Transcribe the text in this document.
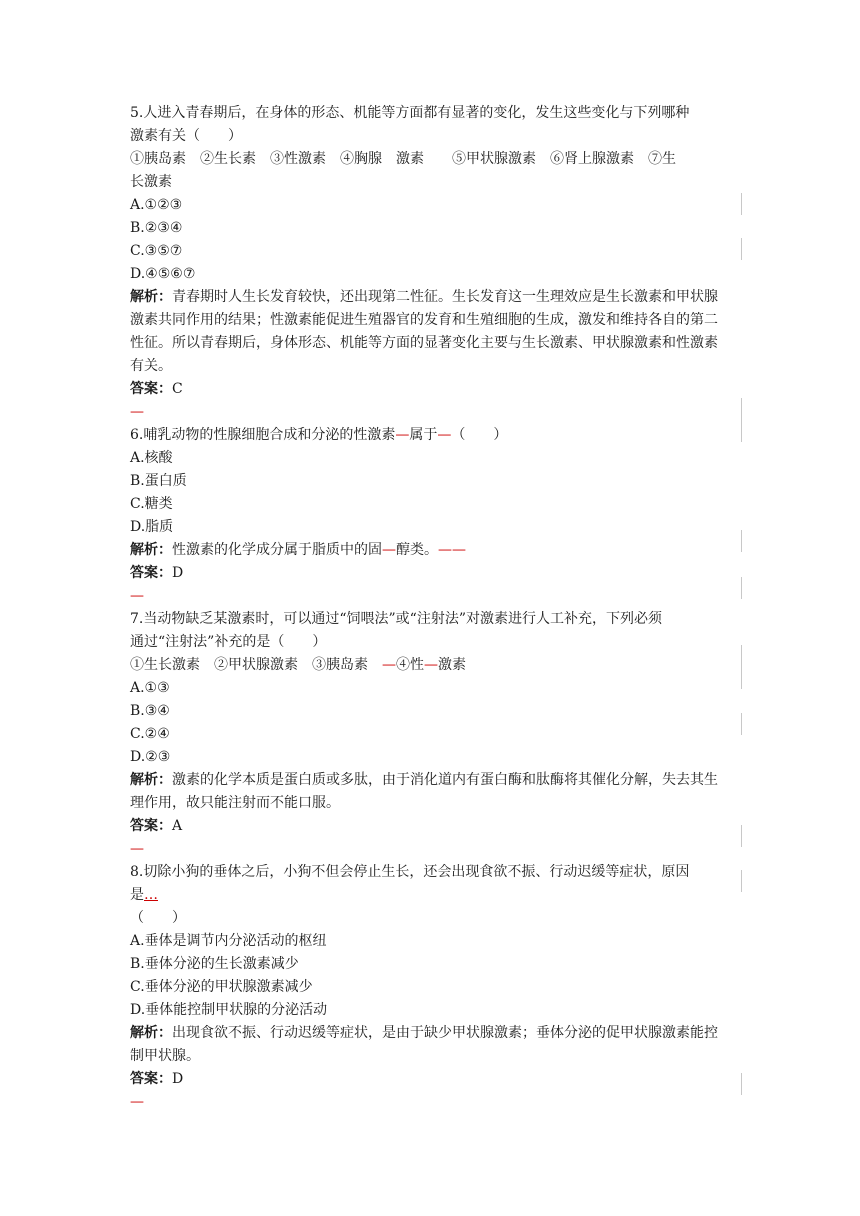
5.人进入青春期后，在身体的形态、机能等方面都有显著的变化，发生这些变化与下列哪种
激素有关（　　）
①胰岛素　②生长素　③性激素　④胸腺　激素　　⑤甲状腺激素　⑥肾上腺激素　⑦生
长激素
A.①②③
B.②③④
C.③⑤⑦
D.④⑤⑥⑦
解析：青春期时人生长发育较快，还出现第二性征。生长发育这一生理效应是生长激素和甲状腺激素共同作用的结果；性激素能促进生殖器官的发育和生殖细胞的生成，激发和维持各自的第二性征。所以青春期后，身体形态、机能等方面的显著变化主要与生长激素、甲状腺激素和性激素有关。
答案：C
—
6.哺乳动物的性腺细胞合成和分泌的性激素—属于—（　　）
A.核酸
B.蛋白质
C.糖类
D.脂质
解析：性激素的化学成分属于脂质中的固—醇类。——
答案：D
—
7.当动物缺乏某激素时，可以通过“饲喂法”或“注射法”对激素进行人工补充，下列必须
通过“注射法”补充的是（　　）
①生长激素　②甲状腺激素　③胰岛素　—④性—激素
A.①③
B.③④
C.②④
D.②③
解析：激素的化学本质是蛋白质或多肽，由于消化道内有蛋白酶和肽酶将其催化分解，失去其生理作用，故只能注射而不能口服。
答案：A
—
8.切除小狗的垂体之后，小狗不但会停止生长，还会出现食欲不振、行动迟缓等症状，原因
是…
（　　）
A.垂体是调节内分泌活动的枢纽
B.垂体分泌的生长激素减少
C.垂体分泌的甲状腺激素减少
D.垂体能控制甲状腺的分泌活动
解析：出现食欲不振、行动迟缓等症状，是由于缺少甲状腺激素；垂体分泌的促甲状腺激素能控制甲状腺。
答案：D
—
